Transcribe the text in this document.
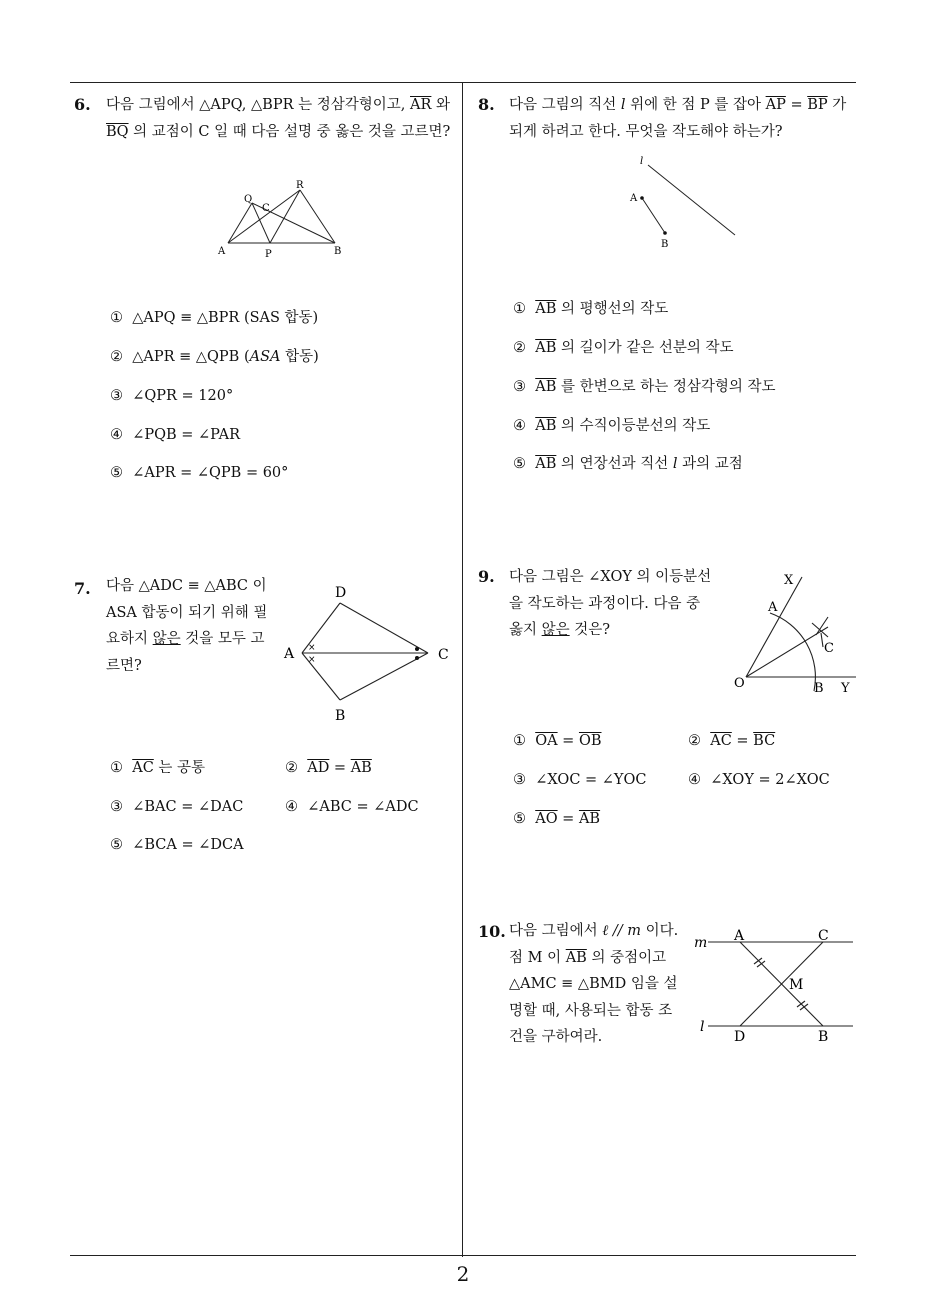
6. 다음 그림에서 △APQ, △BPR 는 정삼각형이고, $\overline{AR}$ 와 $\overline{BQ}$ 의 교점이 C 일 때 다음 설명 중 옳은 것을 고르면?
Q
R
C
A	P	B
① △APQ ≡ △BPR (SAS 합동)
② △APR ≡ △QPB (ASA 합동)
③ ∠QPR = 120°
④ ∠PQB = ∠PAR
⑤ ∠APR = ∠QPB = 60°
7. 다음 △ADC ≡ △ABC 이 ASA 합동이 되기 위해 필요하지 않은 것을 모두 고르면?
×
×
D
A	C
B
① $\overline{AC}$ 는 공통	② $\overline{AD} = \overline{AB}$
③ ∠BAC = ∠DAC	④ ∠ABC = ∠ADC
⑤ ∠BCA = ∠DCA
8. 다음 그림의 직선 l 위에 한 점 P 를 잡아 $\overline{AP} = \overline{BP}$ 가 되게 하려고 한다. 무엇을 작도해야 하는가?
l
A
B
① $\overline{AB}$ 의 평행선의 작도
② $\overline{AB}$ 의 길이가 같은 선분의 작도
③ $\overline{AB}$ 를 한변으로 하는 정삼각형의 작도
④ $\overline{AB}$ 의 수직이등분선의 작도
⑤ $\overline{AB}$ 의 연장선과 직선 l 과의 교점
9. 다음 그림은 ∠XOY 의 이등분선을 작도하는 과정이다. 다음 중 옳지 않은 것은?
X
A
C
O	B Y
① $\overline{OA} = \overline{OB}$	② $\overline{AC} = \overline{BC}$
③ ∠XOC = ∠YOC	④ ∠XOY = 2∠XOC
⑤ $\overline{AO} = \overline{AB}$
10. 다음 그림에서 ℓ // m 이다. 점 M 이 $\overline{AB}$ 의 중점이고 △AMC ≡ △BMD 임을 설명할 때, 사용되는 합동 조건을 구하여라.
m
l
A	C
M
D	B
2
